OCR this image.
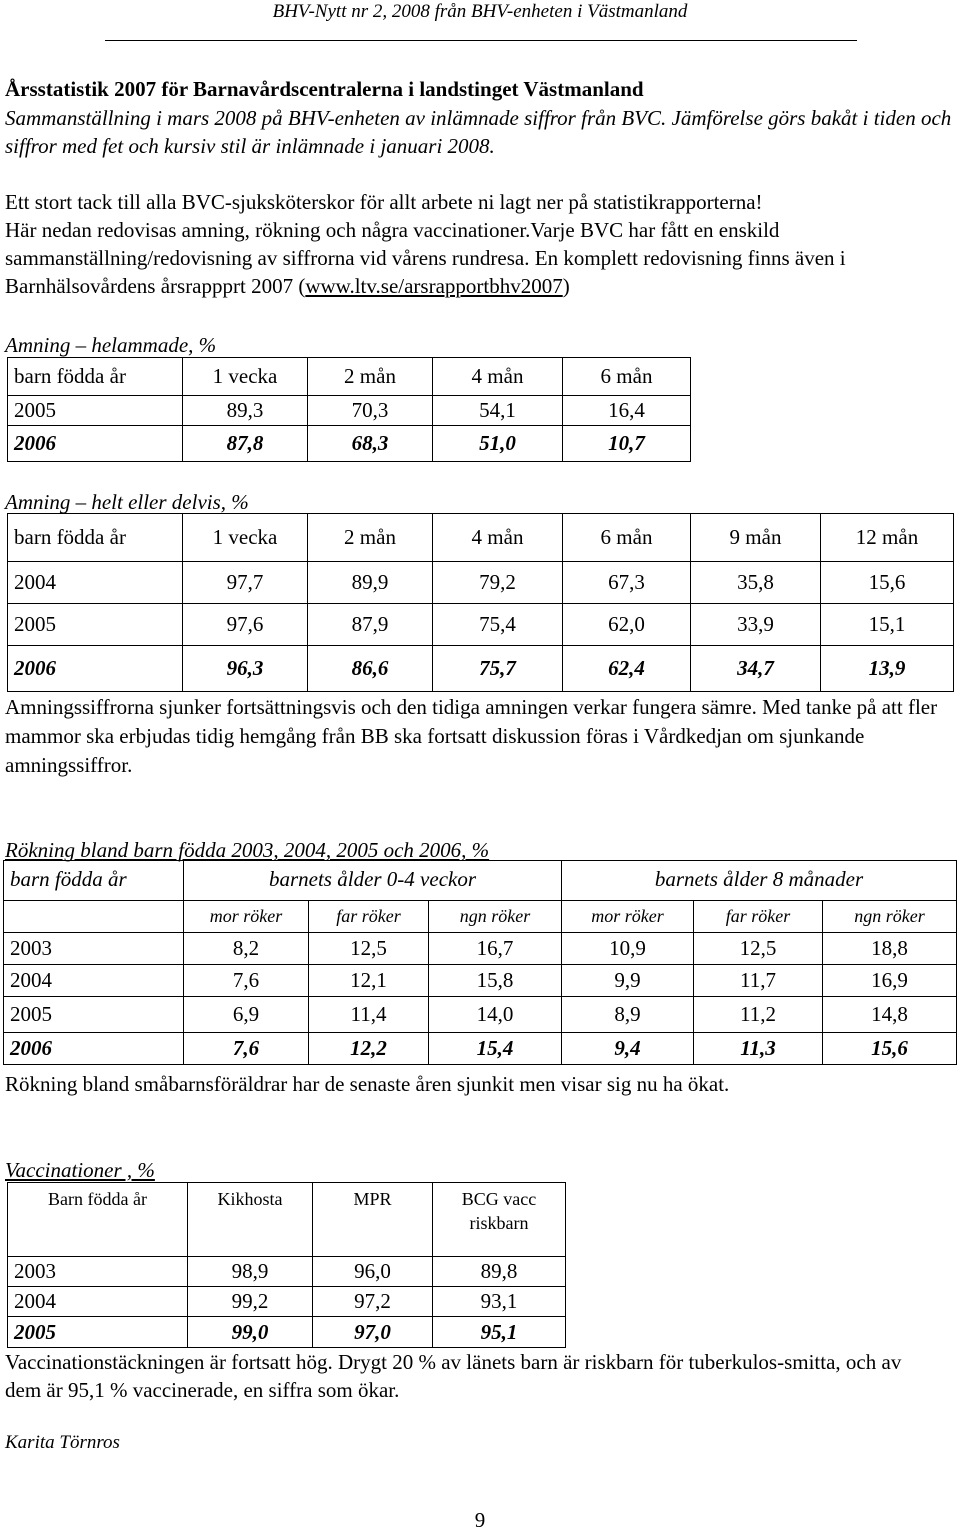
BHV-Nytt nr 2, 2008 från BHV-enheten i Västmanland
Årsstatistik 2007 för Barnavårdscentralerna i landstinget Västmanland
Sammanställning i mars 2008 på BHV-enheten av inlämnade siffror från BVC. Jämförelse görs bakåt i tiden och siffror med fet och kursiv stil är inlämnade i januari 2008.
Ett stort tack till alla BVC-sjuksköterskor för allt arbete ni lagt ner på statistikrapporterna!
Här nedan redovisas amning, rökning och några vaccinationer.Varje BVC har fått en enskild sammanställning/redovisning av siffrorna vid vårens rundresa. En komplett redovisning finns även i Barnhälsovårdens årsrappprt 2007 (www.ltv.se/arsrapportbhv2007)
Amning – helammade, %
barn födda år	1 vecka	2 mån	4 mån	6 mån
2005	89,3	70,3	54,1	16,4
2006	87,8	68,3	51,0	10,7
Amning – helt eller delvis, %
barn födda år	1 vecka	2 mån	4 mån	6 mån	9 mån	12 mån
2004	97,7	89,9	79,2	67,3	35,8	15,6
2005	97,6	87,9	75,4	62,0	33,9	15,1
2006	96,3	86,6	75,7	62,4	34,7	13,9
Amningssiffrorna sjunker fortsättningsvis och den tidiga amningen verkar fungera sämre. Med tanke på att fler mammor ska erbjudas tidig hemgång från BB ska fortsatt diskussion föras i Vårdkedjan om sjunkande amningssiffror.
Rökning bland barn födda 2003, 2004, 2005 och 2006, %
barn födda år	barnets ålder 0-4 veckor			barnets ålder 8 månader		
	mor röker	far röker	ngn röker	mor röker	far röker	ngn röker
2003	8,2	12,5	16,7	10,9	12,5	18,8
2004	7,6	12,1	15,8	9,9	11,7	16,9
2005	6,9	11,4	14,0	8,9	11,2	14,8
2006	7,6	12,2	15,4	9,4	11,3	15,6
Rökning bland småbarnsföräldrar har de senaste åren sjunkit men visar sig nu ha ökat.
Vaccinationer , %
Barn födda år	Kikhosta	MPR	BCG vacc riskbarn
2003	98,9	96,0	89,8
2004	99,2	97,2	93,1
2005	99,0	97,0	95,1
Vaccinationstäckningen är fortsatt hög. Drygt 20 % av länets barn är riskbarn för tuberkulos-smitta, och av dem är 95,1 % vaccinerade, en siffra som ökar.
Karita Törnros
9
